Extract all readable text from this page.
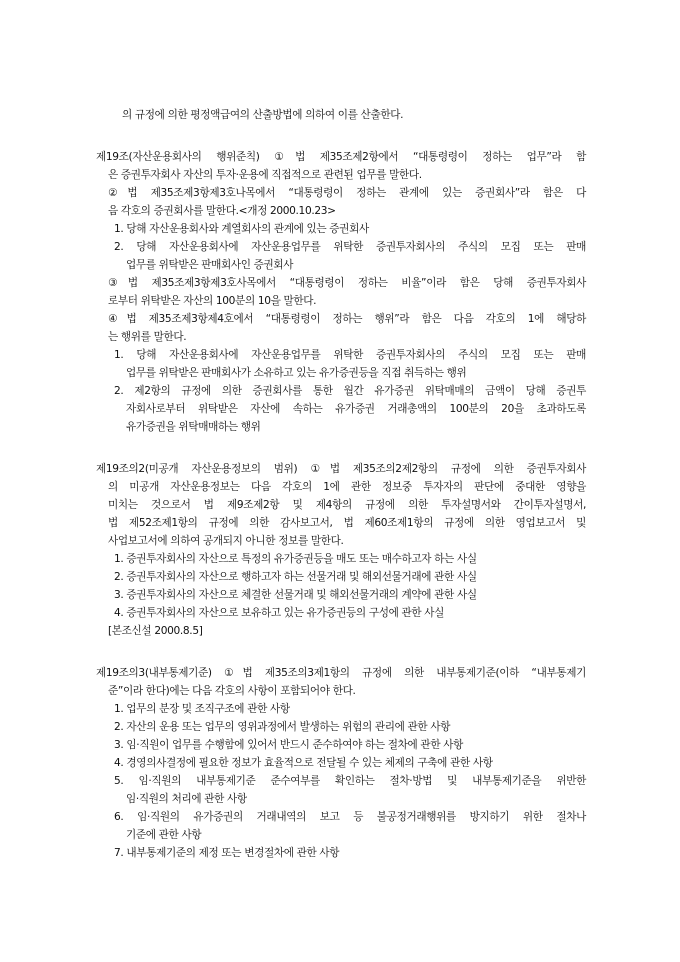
의 규정에 의한 평정액급여의 산출방법에 의하여 이를 산출한다.
제19조(자산운용회사의 행위준칙) ①법 제35조제2항에서 “대통령령이 정하는 업무”라 함
은 증권투자회사 자산의 투자·운용에 직접적으로 관련된 업무를 말한다.
②법 제35조제3항제3호나목에서 “대통령령이 정하는 관계에 있는 증권회사”라 함은 다
음 각호의 증권회사를 말한다.<개정 2000.10.23>
1. 당해 자산운용회사와 계열회사의 관계에 있는 증권회사
2. 당해 자산운용회사에 자산운용업무를 위탁한 증권투자회사의 주식의 모집 또는 판매
업무를 위탁받은 판매회사인 증권회사
③법 제35조제3항제3호사목에서 “대통령령이 정하는 비율”이라 함은 당해 증권투자회사
로부터 위탁받은 자산의 100분의 10을 말한다.
④법 제35조제3항제4호에서 “대통령령이 정하는 행위”라 함은 다음 각호의 1에 해당하
는 행위를 말한다.
1. 당해 자산운용회사에 자산운용업무를 위탁한 증권투자회사의 주식의 모집 또는 판매
업무를 위탁받은 판매회사가 소유하고 있는 유가증권등을 직접 취득하는 행위
2. 제2항의 규정에 의한 증권회사를 통한 월간 유가증권 위탁매매의 금액이 당해 증권투
자회사로부터 위탁받은 자산에 속하는 유가증권 거래총액의 100분의 20을 초과하도록
유가증권을 위탁매매하는 행위
제19조의2(미공개 자산운용정보의 범위) ①법 제35조의2제2항의 규정에 의한 증권투자회사
의 미공개 자산운용정보는 다음 각호의 1에 관한 정보중 투자자의 판단에 중대한 영향을
미치는 것으로서 법 제9조제2항 및 제4항의 규정에 의한 투자설명서와 간이투자설명서,
법 제52조제1항의 규정에 의한 감사보고서, 법 제60조제1항의 규정에 의한 영업보고서 및
사업보고서에 의하여 공개되지 아니한 정보를 말한다.
1. 증권투자회사의 자산으로 특정의 유가증권등을 매도 또는 매수하고자 하는 사실
2. 증권투자회사의 자산으로 행하고자 하는 선물거래 및 해외선물거래에 관한 사실
3. 증권투자회사의 자산으로 체결한 선물거래 및 해외선물거래의 계약에 관한 사실
4. 증권투자회사의 자산으로 보유하고 있는 유가증권등의 구성에 관한 사실
[본조신설 2000.8.5]
제19조의3(내부통제기준) ①법 제35조의3제1항의 규정에 의한 내부통제기준(이하 “내부통제기
준”이라 한다)에는 다음 각호의 사항이 포함되어야 한다.
1. 업무의 분장 및 조직구조에 관한 사항
2. 자산의 운용 또는 업무의 영위과정에서 발생하는 위험의 관리에 관한 사항
3. 임·직원이 업무를 수행함에 있어서 반드시 준수하여야 하는 절차에 관한 사항
4. 경영의사결정에 필요한 정보가 효율적으로 전달될 수 있는 체제의 구축에 관한 사항
5. 임·직원의 내부통제기준 준수여부를 확인하는 절차·방법 및 내부통제기준을 위반한
임·직원의 처리에 관한 사항
6. 임·직원의 유가증권의 거래내역의 보고 등 불공정거래행위를 방지하기 위한 절차나
기준에 관한 사항
7. 내부통제기준의 제정 또는 변경절차에 관한 사항
